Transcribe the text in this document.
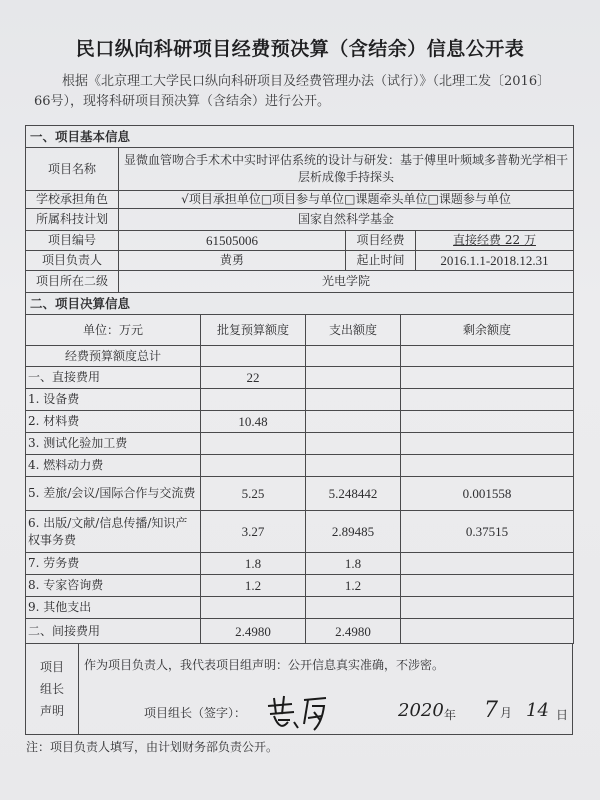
民口纵向科研项目经费预决算（含结余）信息公开表
根据《北京理工大学民口纵向科研项目及经费管理办法（试行）》（北理工发〔2016〕66号），现将科研项目预决算（含结余）进行公开。
一、项目基本信息			
项目名称	显微血管吻合手术术中实时评估系统的设计与研发：基于傅里叶频域多普勒光学相干层析成像手持探头		
学校承担角色	√项目承担单位□项目参与单位□课题牵头单位□课题参与单位		
所属科技计划	国家自然科学基金		
项目编号	61505006	项目经费	直接经费 22 万
项目负责人	黄勇	起止时间	2016.1.1-2018.12.31
项目所在二级	光电学院		
二、项目决算信息			
单位：万元	批复预算额度	支出额度	剩余额度
经费预算额度总计			
一、直接费用	22		
1. 设备费			
2. 材料费	10.48		
3. 测试化验加工费			
4. 燃料动力费			
5. 差旅/会议/国际合作与交流费	5.25	5.248442	0.001558
6. 出版/文献/信息传播/知识产权事务费	3.27	2.89485	0.37515
7. 劳务费	1.8	1.8	
8. 专家咨询费	1.2	1.2	
9. 其他支出			
二、间接费用	2.4980	2.4980	
项目
组长
声明
作为项目负责人，我代表项目组声明：公开信息真实准确，不涉密。
项目组长（签字）：	2020 年 7 月 14 日
注：项目负责人填写，由计划财务部负责公开。
